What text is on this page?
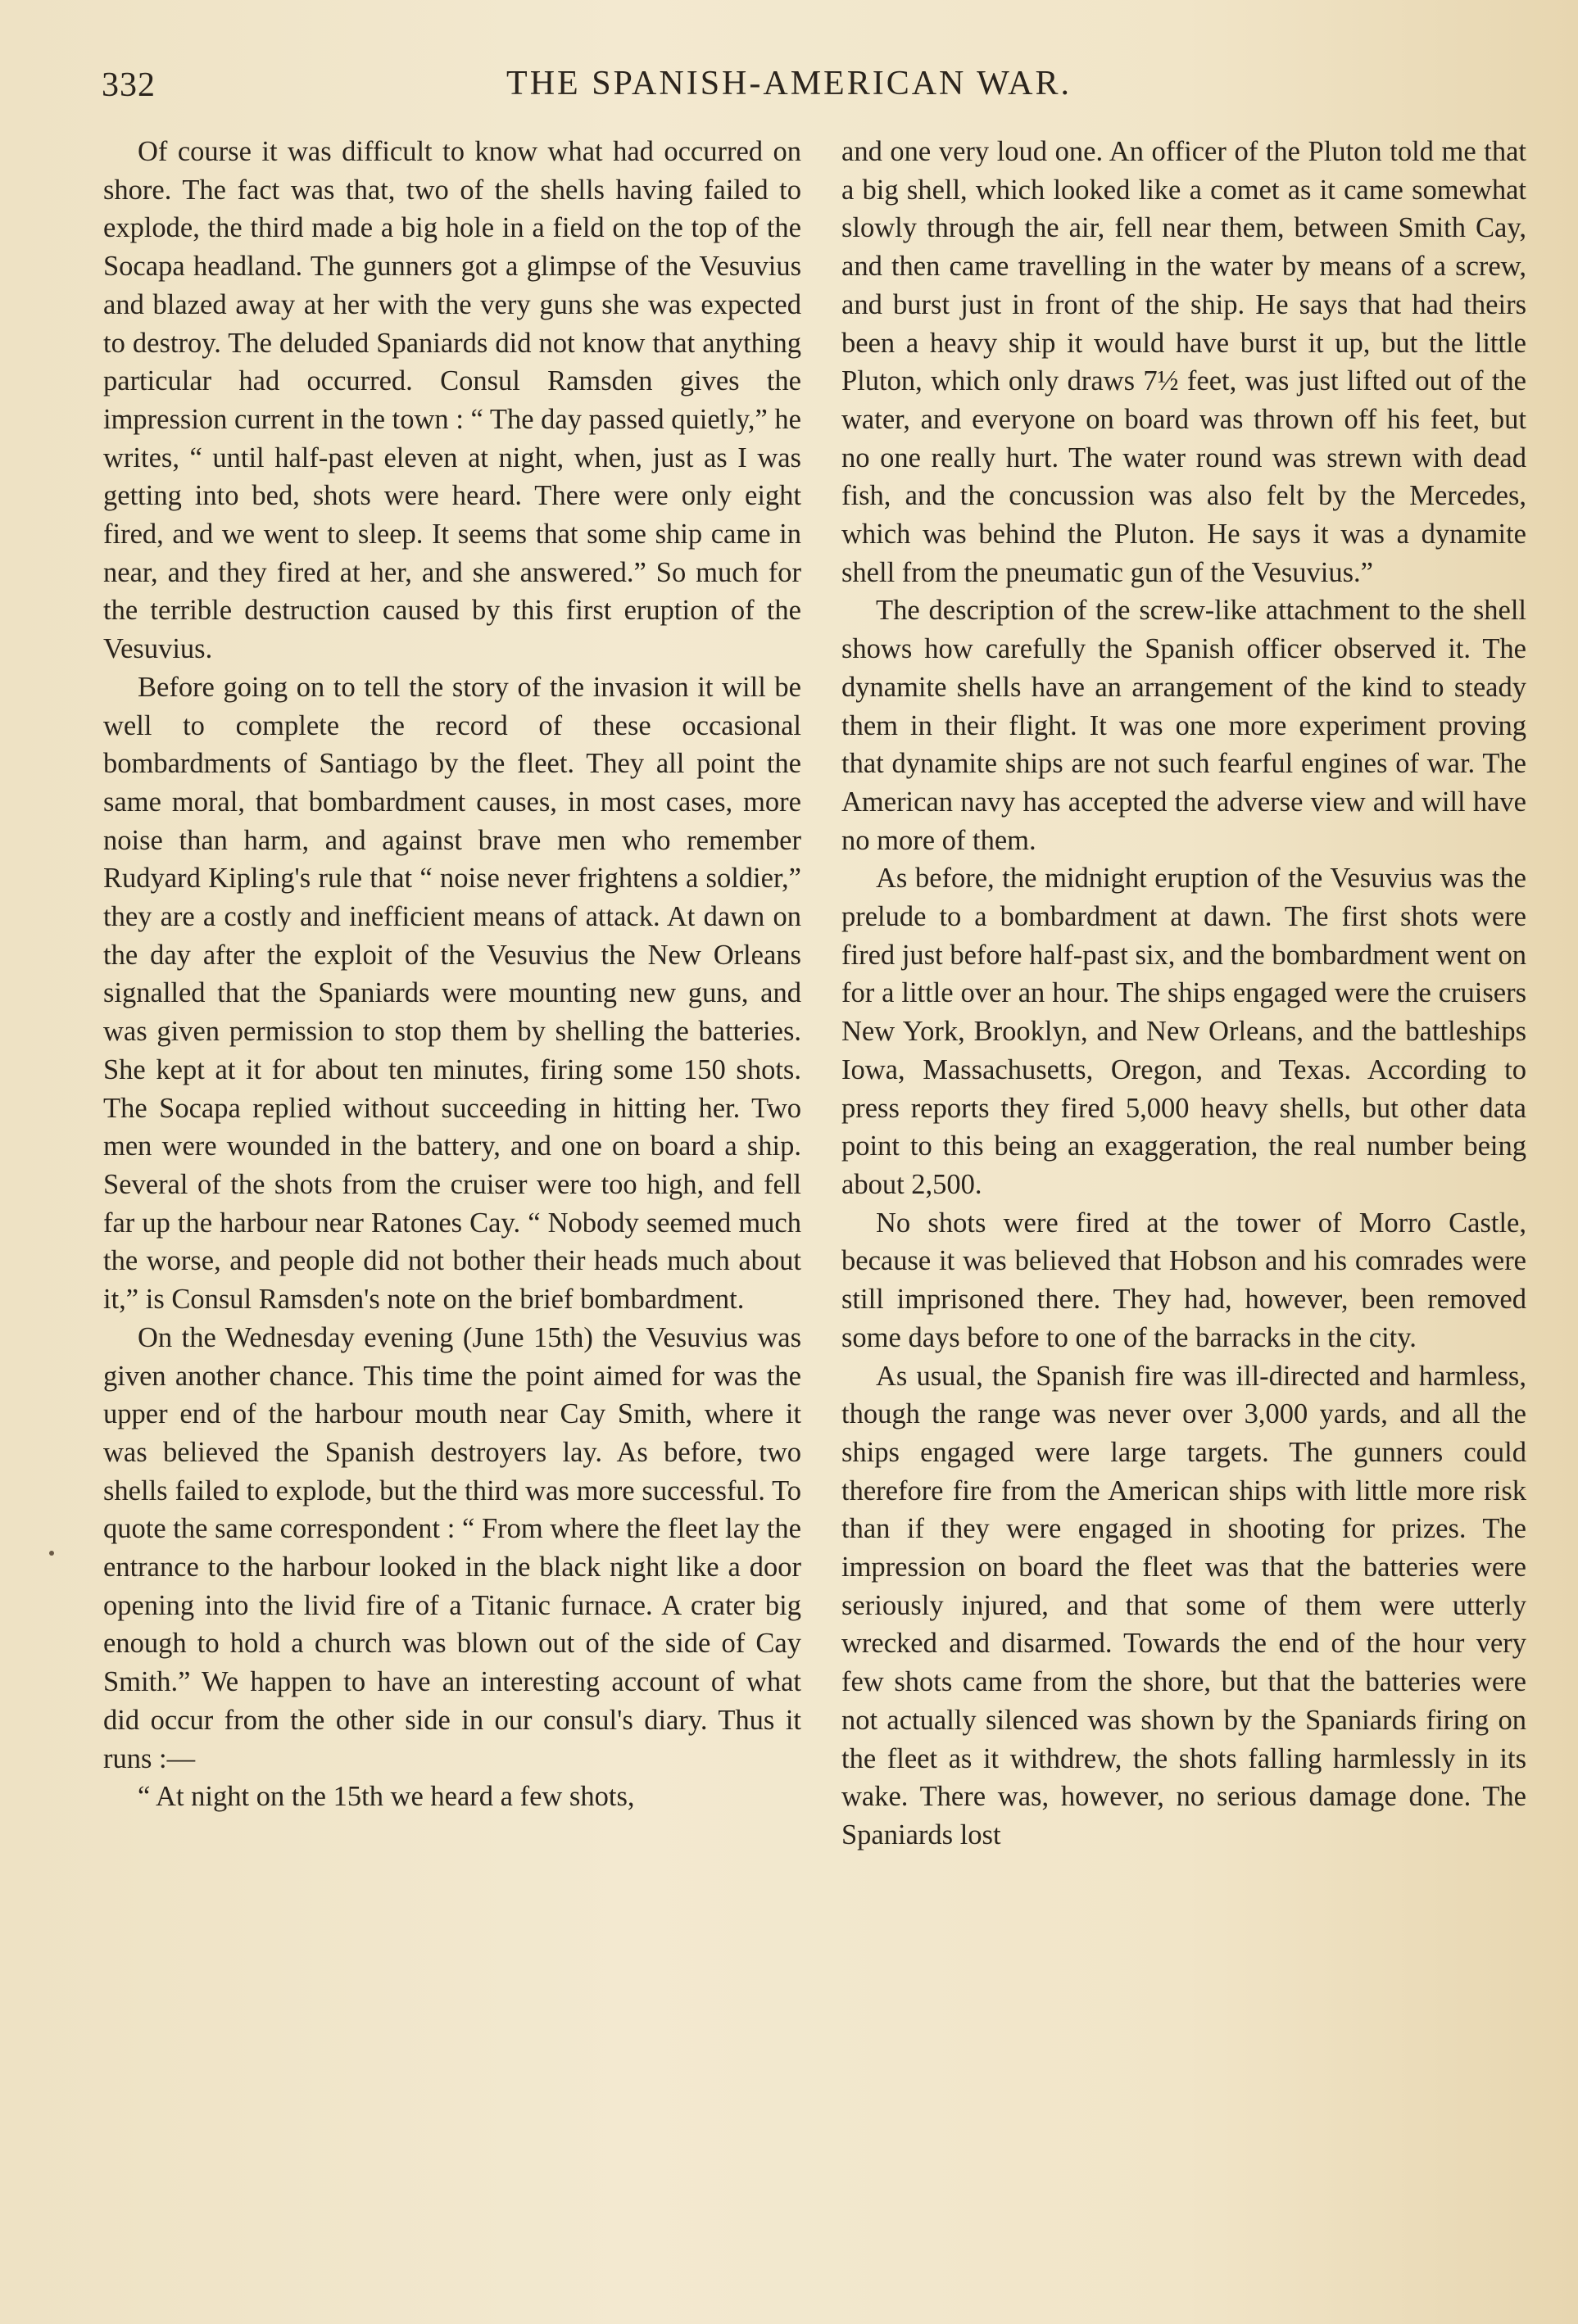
332	THE SPANISH-AMERICAN WAR.

Of course it was difficult to know what had occurred on shore. The fact was that, two of the shells having failed to explode, the third made a big hole in a field on the top of the Socapa headland. The gunners got a glimpse of the Vesuvius and blazed away at her with the very guns she was expected to destroy. The deluded Spaniards did not know that anything particular had occurred. Consul Ramsden gives the impression current in the town : “ The day passed quietly,” he writes, “ until half-past eleven at night, when, just as I was getting into bed, shots were heard. There were only eight fired, and we went to sleep. It seems that some ship came in near, and they fired at her, and she answered.” So much for the terrible destruction caused by this first eruption of the Vesuvius.

Before going on to tell the story of the invasion it will be well to complete the record of these occasional bombardments of Santiago by the fleet. They all point the same moral, that bombardment causes, in most cases, more noise than harm, and against brave men who remember Rudyard Kipling's rule that “ noise never frightens a soldier,” they are a costly and inefficient means of attack. At dawn on the day after the exploit of the Vesuvius the New Orleans signalled that the Spaniards were mounting new guns, and was given permission to stop them by shelling the batteries. She kept at it for about ten minutes, firing some 150 shots. The Socapa replied without succeeding in hitting her. Two men were wounded in the battery, and one on board a ship. Several of the shots from the cruiser were too high, and fell far up the harbour near Ratones Cay. “ Nobody seemed much the worse, and people did not bother their heads much about it,” is Consul Ramsden's note on the brief bombardment.

On the Wednesday evening (June 15th) the Vesuvius was given another chance. This time the point aimed for was the upper end of the harbour mouth near Cay Smith, where it was believed the Spanish destroyers lay. As before, two shells failed to explode, but the third was more successful. To quote the same correspondent : “ From where the fleet lay the entrance to the harbour looked in the black night like a door opening into the livid fire of a Titanic furnace. A crater big enough to hold a church was blown out of the side of Cay Smith.” We happen to have an interesting account of what did occur from the other side in our consul's diary. Thus it runs :—

“ At night on the 15th we heard a few shots,

and one very loud one. An officer of the Pluton told me that a big shell, which looked like a comet as it came somewhat slowly through the air, fell near them, between Smith Cay, and then came travelling in the water by means of a screw, and burst just in front of the ship. He says that had theirs been a heavy ship it would have burst it up, but the little Pluton, which only draws 7½ feet, was just lifted out of the water, and everyone on board was thrown off his feet, but no one really hurt. The water round was strewn with dead fish, and the concussion was also felt by the Mercedes, which was behind the Pluton. He says it was a dynamite shell from the pneumatic gun of the Vesuvius.”

The description of the screw-like attachment to the shell shows how carefully the Spanish officer observed it. The dynamite shells have an arrangement of the kind to steady them in their flight. It was one more experiment proving that dynamite ships are not such fearful engines of war. The American navy has accepted the adverse view and will have no more of them.

As before, the midnight eruption of the Vesuvius was the prelude to a bombardment at dawn. The first shots were fired just before half-past six, and the bombardment went on for a little over an hour. The ships engaged were the cruisers New York, Brooklyn, and New Orleans, and the battleships Iowa, Massachusetts, Oregon, and Texas. According to press reports they fired 5,000 heavy shells, but other data point to this being an exaggeration, the real number being about 2,500.

No shots were fired at the tower of Morro Castle, because it was believed that Hobson and his comrades were still imprisoned there. They had, however, been removed some days before to one of the barracks in the city.

As usual, the Spanish fire was ill-directed and harmless, though the range was never over 3,000 yards, and all the ships engaged were large targets. The gunners could therefore fire from the American ships with little more risk than if they were engaged in shooting for prizes. The impression on board the fleet was that the batteries were seriously injured, and that some of them were utterly wrecked and disarmed. Towards the end of the hour very few shots came from the shore, but that the batteries were not actually silenced was shown by the Spaniards firing on the fleet as it withdrew, the shots falling harmlessly in its wake. There was, however, no serious damage done. The Spaniards lost
